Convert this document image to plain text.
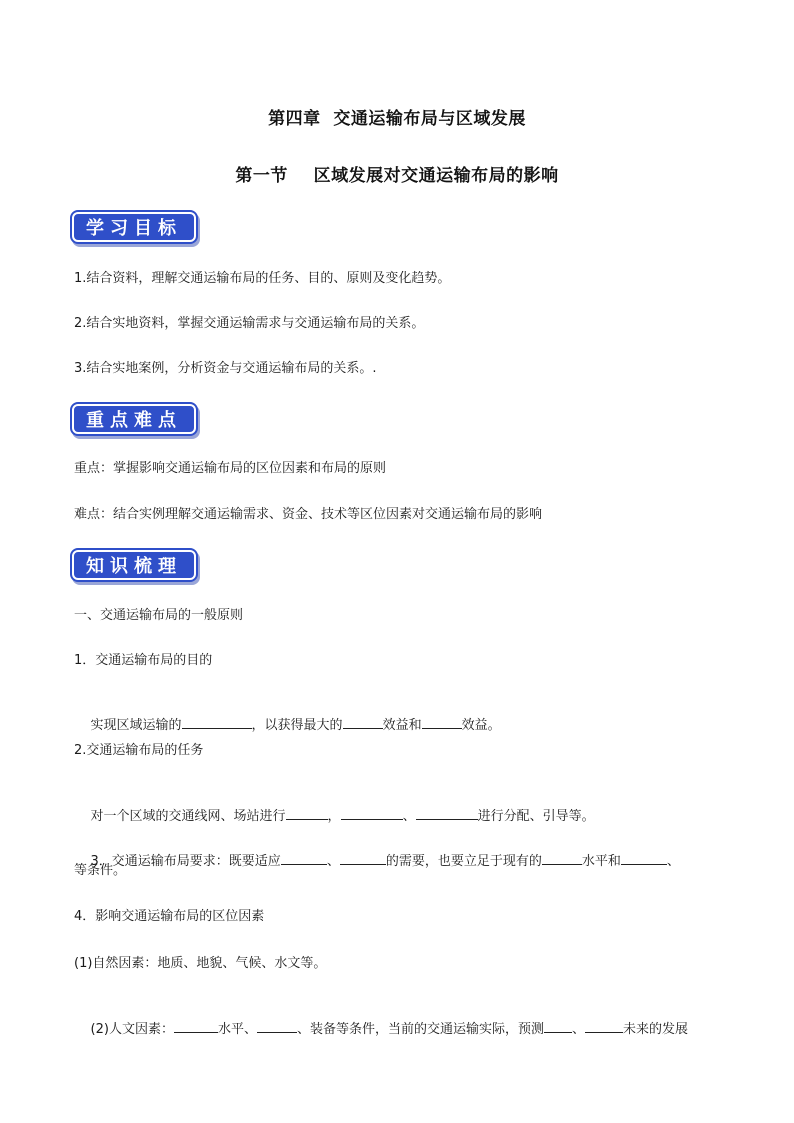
第四章  交通运输布局与区域发展
第一节    区域发展对交通运输布局的影响
学习目标
1.结合资料，理解交通运输布局的任务、目的、原则及变化趋势。
2.结合实地资料，掌握交通运输需求与交通运输布局的关系。
3.结合实地案例，分析资金与交通运输布局的关系。.
重点难点
重点：掌握影响交通运输布局的区位因素和布局的原则
难点：结合实例理解交通运输需求、资金、技术等区位因素对交通运输布局的影响
知识梳理
一、交通运输布局的一般原则
1．交通运输布局的目的

实现区域运输的	，以获得最大的	效益和	效益。

2.交通运输布局的任务

对一个区域的交通线网、场站进行	，	、	进行分配、引导等。

3．交通运输布局要求：既要适应	、	的需要，也要立足于现有的	水平和	、

等条件。
4．影响交通运输布局的区位因素
(1)自然因素：地质、地貌、气候、水文等。

(2)人文因素：	水平、	、装备等条件，当前的交通运输实际，预测 、	未来的发展
